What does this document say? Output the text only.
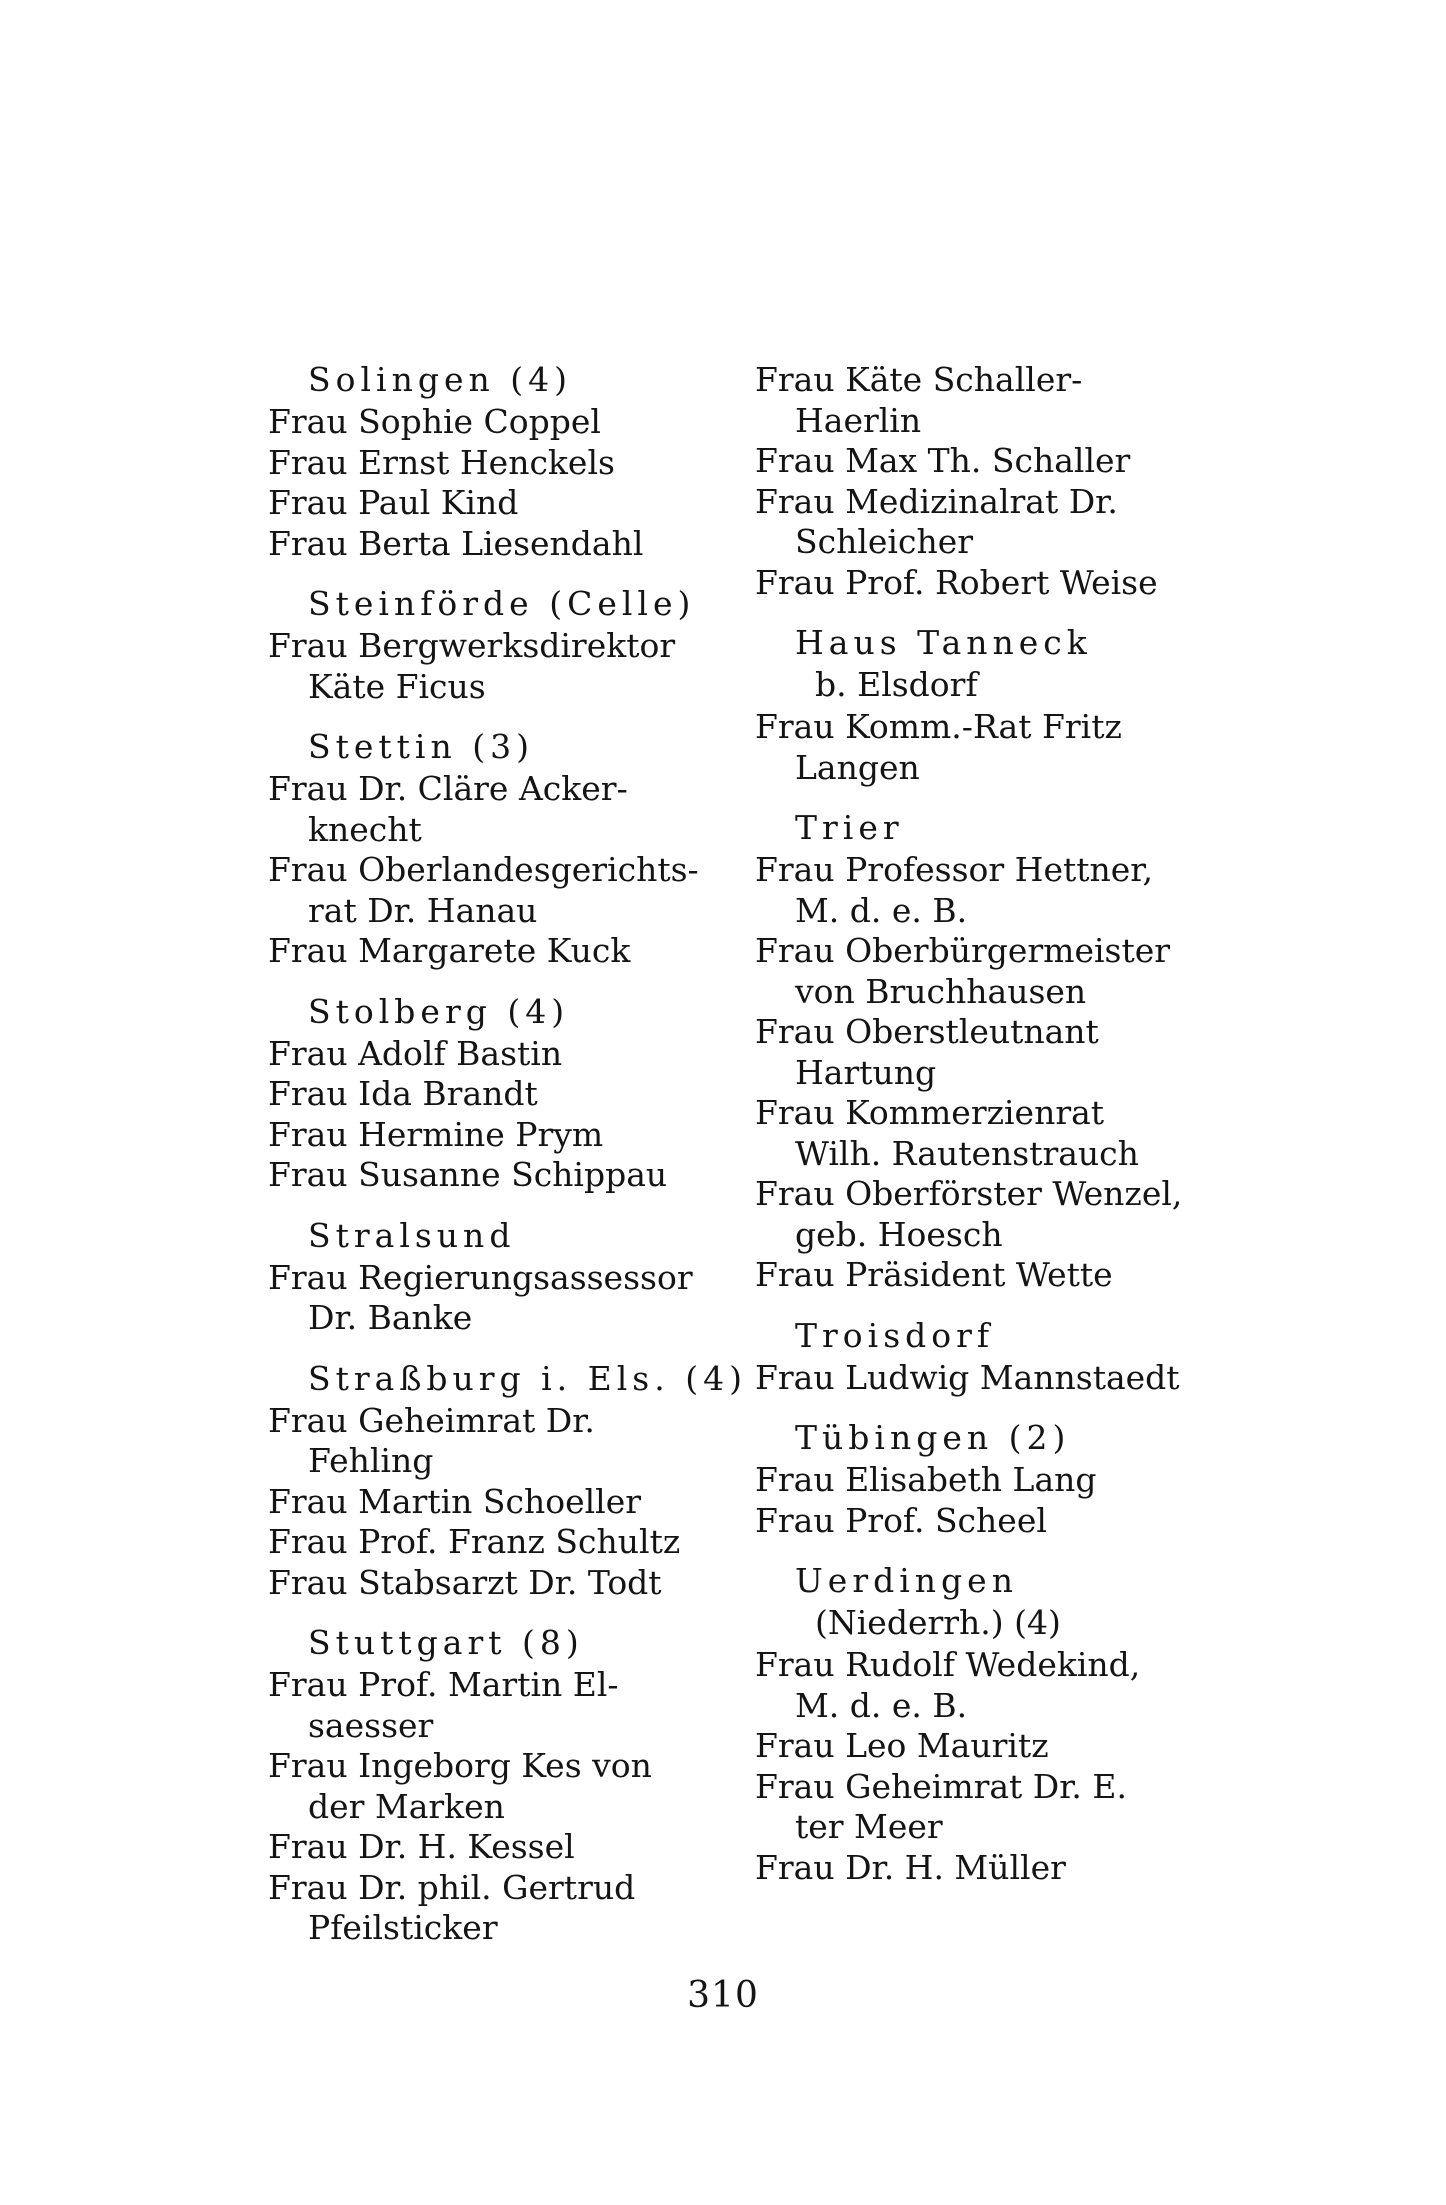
Solingen (4)
Frau Sophie Coppel
Frau Ernst Henckels
Frau Paul Kind
Frau Berta Liesendahl
Steinförde (Celle)
Frau Bergwerksdirektor
Käte Ficus
Stettin (3)
Frau Dr. Cläre Acker-
knecht
Frau Oberlandesgerichts-
rat Dr. Hanau
Frau Margarete Kuck
Stolberg (4)
Frau Adolf Bastin
Frau Ida Brandt
Frau Hermine Prym
Frau Susanne Schippau
Stralsund
Frau Regierungsassessor
Dr. Banke
Straßburg i. Els. (4)
Frau Geheimrat Dr.
Fehling
Frau Martin Schoeller
Frau Prof. Franz Schultz
Frau Stabsarzt Dr. Todt
Stuttgart (8)
Frau Prof. Martin El-
saesser
Frau Ingeborg Kes von
der Marken
Frau Dr. H. Kessel
Frau Dr. phil. Gertrud
Pfeilsticker
Frau Käte Schaller-
Haerlin
Frau Max Th. Schaller
Frau Medizinalrat Dr.
Schleicher
Frau Prof. Robert Weise
Haus Tanneck
b. Elsdorf
Frau Komm.-Rat Fritz
Langen
Trier
Frau Professor Hettner,
M. d. e. B.
Frau Oberbürgermeister
von Bruchhausen
Frau Oberstleutnant
Hartung
Frau Kommerzienrat
Wilh. Rautenstrauch
Frau Oberförster Wenzel,
geb. Hoesch
Frau Präsident Wette
Troisdorf
Frau Ludwig Mannstaedt
Tübingen (2)
Frau Elisabeth Lang
Frau Prof. Scheel
Uerdingen
(Niederrh.) (4)
Frau Rudolf Wedekind,
M. d. e. B.
Frau Leo Mauritz
Frau Geheimrat Dr. E.
ter Meer
Frau Dr. H. Müller
310
